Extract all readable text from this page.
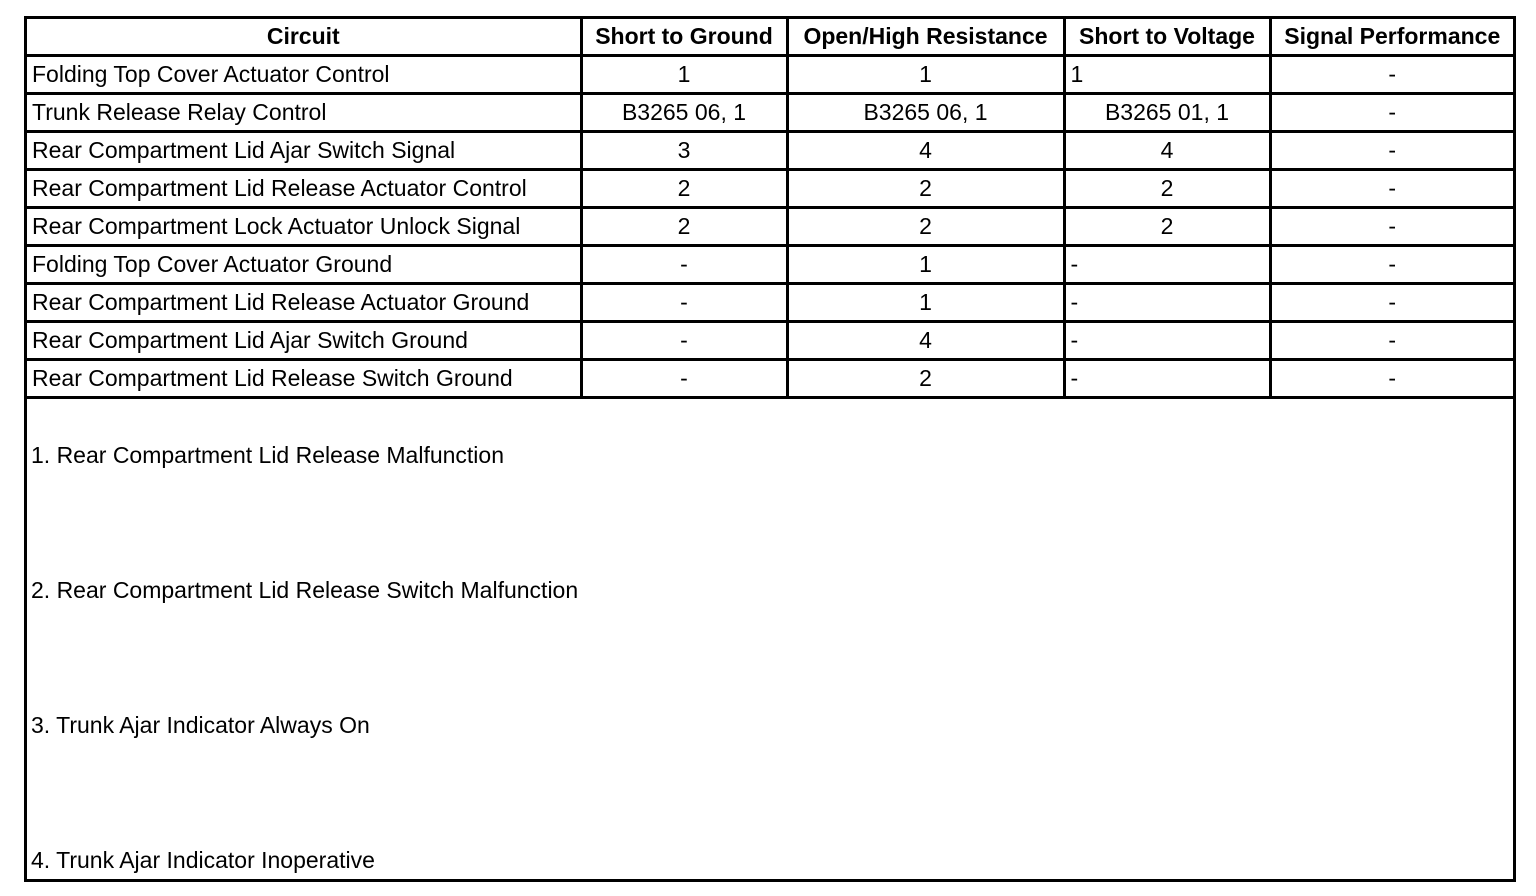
Circuit	Short to Ground	Open/High Resistance	Short to Voltage	Signal Performance
Folding Top Cover Actuator Control	1	1	1	-
Trunk Release Relay Control	B3265 06, 1	B3265 06, 1	B3265 01, 1	-
Rear Compartment Lid Ajar Switch Signal	3	4	4	-
Rear Compartment Lid Release Actuator Control	2	2	2	-
Rear Compartment Lock Actuator Unlock Signal	2	2	2	-
Folding Top Cover Actuator Ground	-	1	-	-
Rear Compartment Lid Release Actuator Ground	-	1	-	-
Rear Compartment Lid Ajar Switch Ground	-	4	-	-
Rear Compartment Lid Release Switch Ground	-	2	-	-
1. Rear Compartment Lid Release Malfunction
2. Rear Compartment Lid Release Switch Malfunction
3. Trunk Ajar Indicator Always On
4. Trunk Ajar Indicator Inoperative
